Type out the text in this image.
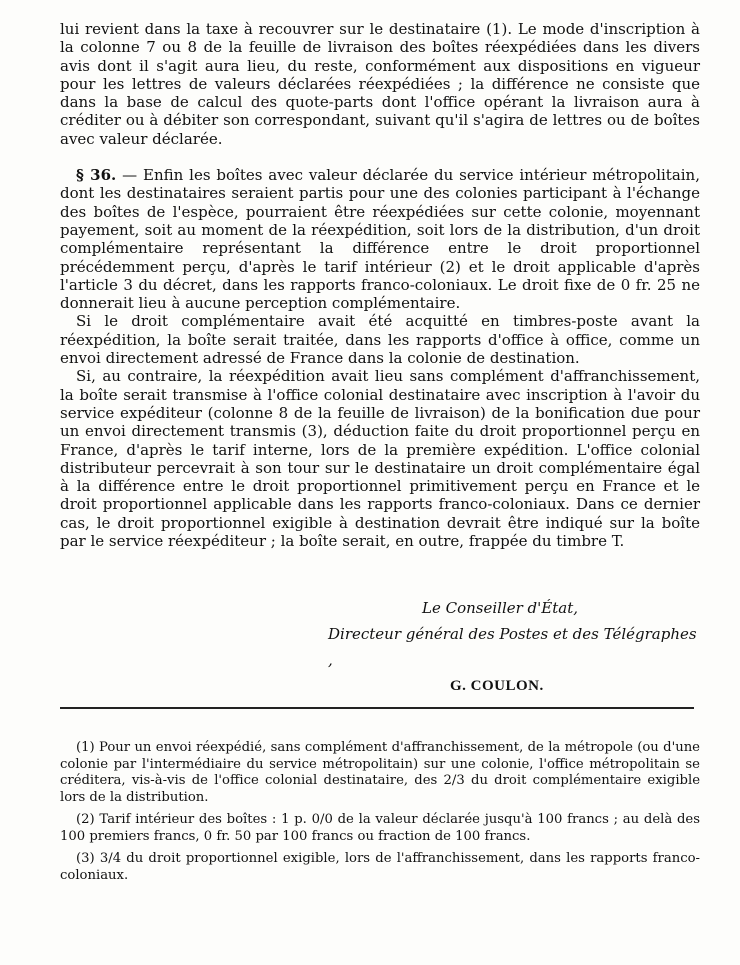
lui revient dans la taxe à recouvrer sur le destinataire (1). Le mode d'inscription à la colonne 7 ou 8 de la feuille de livraison des boîtes réexpédiées dans les divers avis dont il s'agit aura lieu, du reste, conformément aux dispositions en vigueur pour les lettres de valeurs déclarées réexpédiées ; la différence ne consiste que dans la base de calcul des quote-parts dont l'office opérant la livraison aura à créditer ou à débiter son correspondant, suivant qu'il s'agira de lettres ou de boîtes avec valeur déclarée.

§ 36. — Enfin les boîtes avec valeur déclarée du service intérieur métropolitain, dont les destinataires seraient partis pour une des colonies participant à l'échange des boîtes de l'espèce, pourraient être réexpédiées sur cette colonie, moyennant payement, soit au moment de la réexpédition, soit lors de la distribution, d'un droit complémentaire représentant la différence entre le droit proportionnel précédemment perçu, d'après le tarif intérieur (2) et le droit applicable d'après l'article 3 du décret, dans les rapports franco-coloniaux. Le droit fixe de 0 fr. 25 ne donnerait lieu à aucune perception complémentaire.

Si le droit complémentaire avait été acquitté en timbres-poste avant la réexpédition, la boîte serait traitée, dans les rapports d'office à office, comme un envoi directement adressé de France dans la colonie de destination.

Si, au contraire, la réexpédition avait lieu sans complément d'affranchissement, la boîte serait transmise à l'office colonial destinataire avec inscription à l'avoir du service expéditeur (colonne 8 de la feuille de livraison) de la bonification due pour un envoi directement transmis (3), déduction faite du droit proportionnel perçu en France, d'après le tarif interne, lors de la première expédition. L'office colonial distributeur percevrait à son tour sur le destinataire un droit complémentaire égal à la différence entre le droit proportionnel primitivement perçu en France et le droit proportionnel applicable dans les rapports franco-coloniaux. Dans ce dernier cas, le droit proportionnel exigible à destination devrait être indiqué sur la boîte par le service réexpéditeur ; la boîte serait, en outre, frappée du timbre T.

Le Conseiller d'État,
Directeur général des Postes et des Télégraphes ,
G. COULON.

(1) Pour un envoi réexpédié, sans complément d'affranchissement, de la métropole (ou d'une colonie par l'intermédiaire du service métropolitain) sur une colonie, l'office métropolitain se créditera, vis-à-vis de l'office colonial destinataire, des 2/3 du droit complémentaire exigible lors de la distribution.

(2) Tarif intérieur des boîtes : 1 p. 0/0 de la valeur déclarée jusqu'à 100 francs ; au delà des 100 premiers francs, 0 fr. 50 par 100 francs ou fraction de 100 francs.

(3) 3/4 du droit proportionnel exigible, lors de l'affranchissement, dans les rapports franco-coloniaux.
